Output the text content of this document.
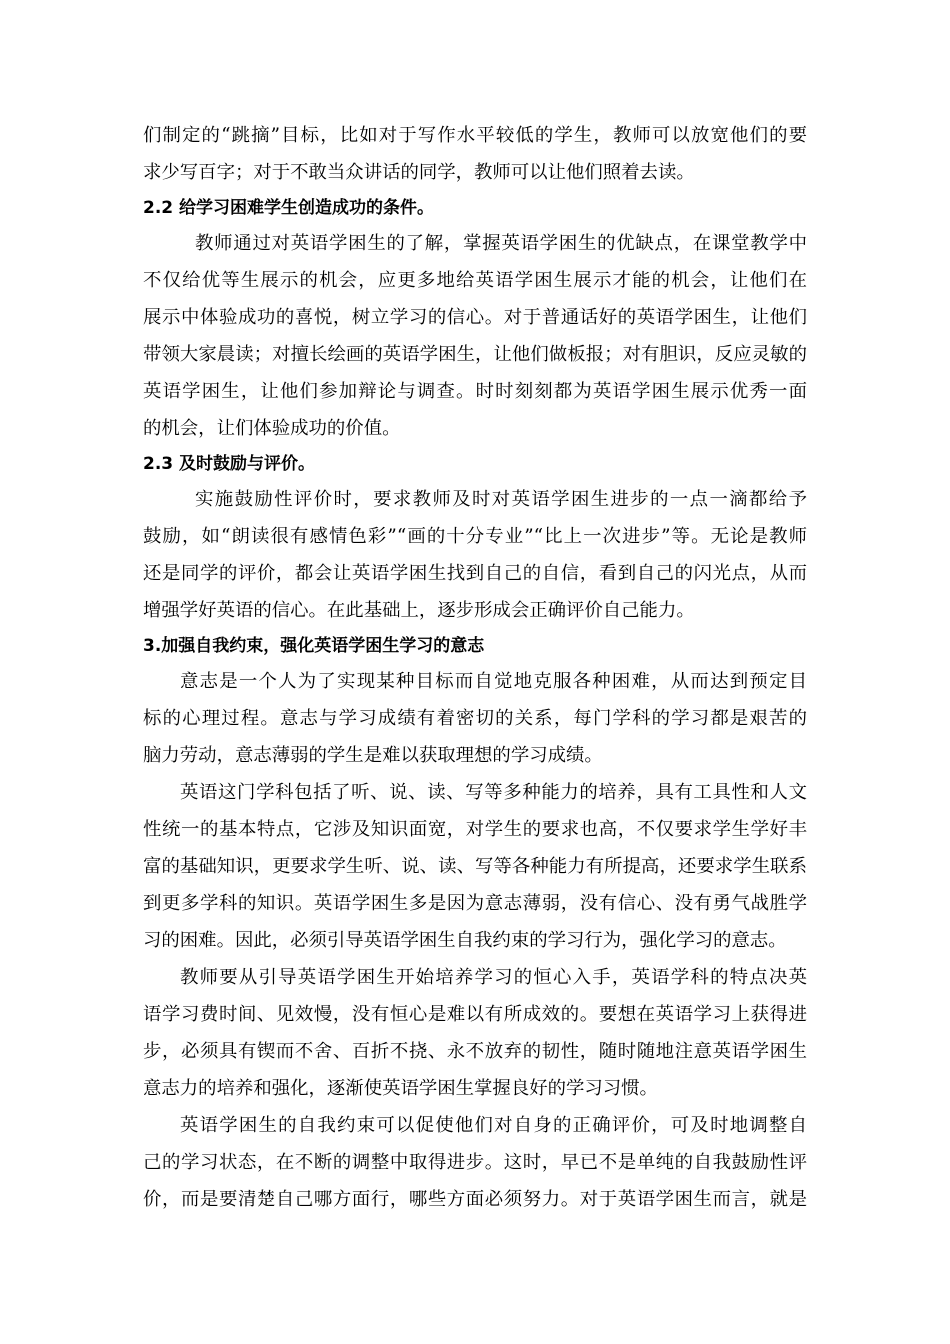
们制定的“跳摘”目标，比如对于写作水平较低的学生，教师可以放宽他们的要
求少写百字；对于不敢当众讲话的同学，教师可以让他们照着去读。
2.2 给学习困难学生创造成功的条件。
教师通过对英语学困生的了解，掌握英语学困生的优缺点，在课堂教学中
不仅给优等生展示的机会，应更多地给英语学困生展示才能的机会，让他们在
展示中体验成功的喜悦，树立学习的信心。对于普通话好的英语学困生，让他们
带领大家晨读；对擅长绘画的英语学困生，让他们做板报；对有胆识，反应灵敏的
英语学困生，让他们参加辩论与调查。时时刻刻都为英语学困生展示优秀一面
的机会，让们体验成功的价值。
2.3 及时鼓励与评价。
实施鼓励性评价时，要求教师及时对英语学困生进步的一点一滴都给予
鼓励，如“朗读很有感情色彩”“画的十分专业”“比上一次进步”等。无论是教师
还是同学的评价，都会让英语学困生找到自己的自信，看到自己的闪光点，从而
增强学好英语的信心。在此基础上，逐步形成会正确评价自己能力。
3.加强自我约束，强化英语学困生学习的意志
意志是一个人为了实现某种目标而自觉地克服各种困难，从而达到预定目
标的心理过程。意志与学习成绩有着密切的关系，每门学科的学习都是艰苦的
脑力劳动，意志薄弱的学生是难以获取理想的学习成绩。
英语这门学科包括了听、说、读、写等多种能力的培养，具有工具性和人文
性统一的基本特点，它涉及知识面宽，对学生的要求也高，不仅要求学生学好丰
富的基础知识，更要求学生听、说、读、写等各种能力有所提高，还要求学生联系
到更多学科的知识。英语学困生多是因为意志薄弱，没有信心、没有勇气战胜学
习的困难。因此，必须引导英语学困生自我约束的学习行为，强化学习的意志。
教师要从引导英语学困生开始培养学习的恒心入手，英语学科的特点决英
语学习费时间、见效慢，没有恒心是难以有所成效的。要想在英语学习上获得进
步，必须具有锲而不舍、百折不挠、永不放弃的韧性，随时随地注意英语学困生
意志力的培养和强化，逐渐使英语学困生掌握良好的学习习惯。
英语学困生的自我约束可以促使他们对自身的正确评价，可及时地调整自
己的学习状态，在不断的调整中取得进步。这时，早已不是单纯的自我鼓励性评
价，而是要清楚自己哪方面行，哪些方面必须努力。对于英语学困生而言，就是
